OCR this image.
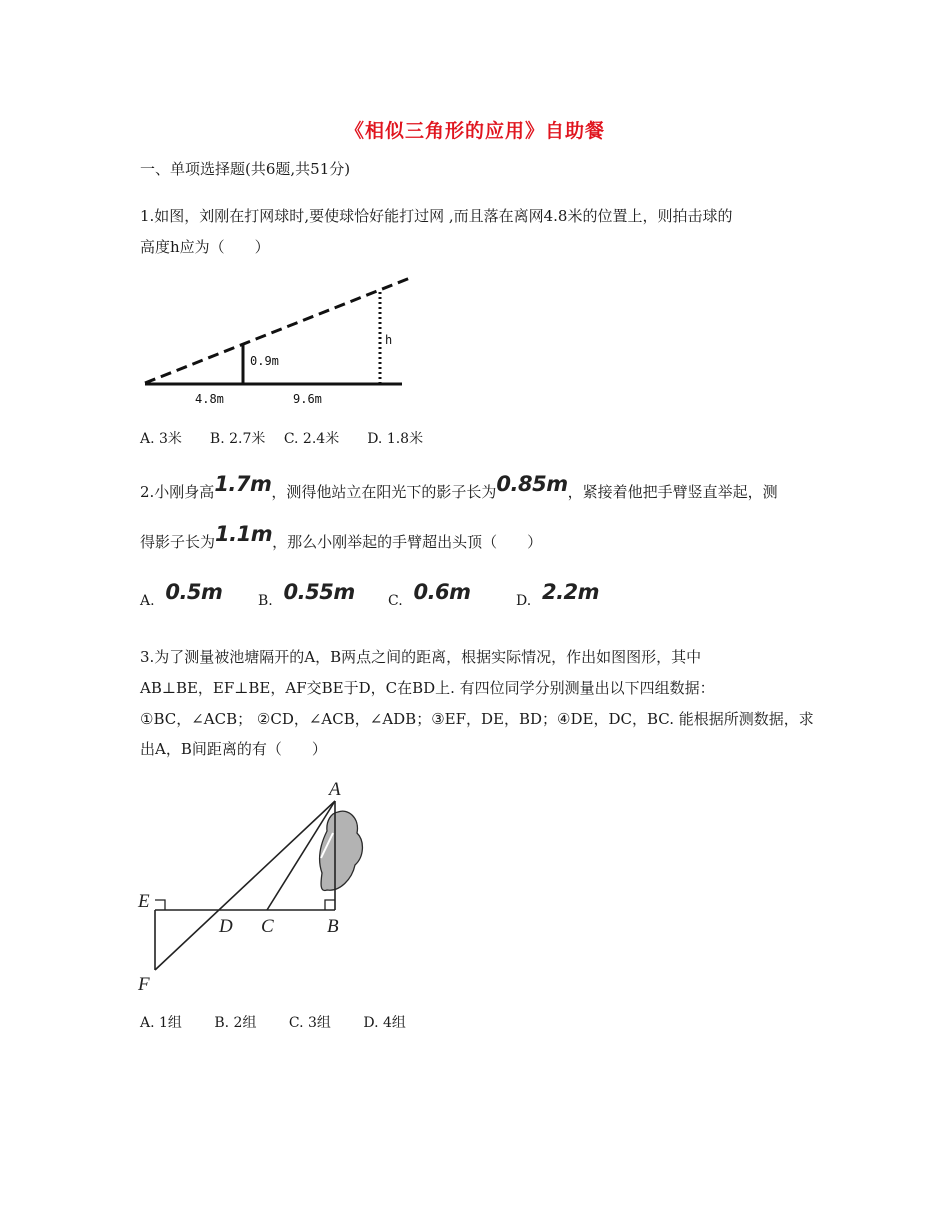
《相似三角形的应用》自助餐
一、单项选择题(共6题,共51分)
1.如图，刘刚在打网球时,要使球恰好能打过网 ,而且落在离网4.8米的位置上，则拍击球的
高度h应为（　　）
0.9m
h
4.8m	9.6m
A. 3米　　B. 2.7米　 C. 2.4米　　D. 1.8米
2.小刚身高1.7m，测得他站立在阳光下的影子长为0.85m，紧接着他把手臂竖直举起，测
得影子长为1.1m，那么小刚举起的手臂超出头顶（　　）
A. 0.5m	B. 0.55m C. 0.6m	D. 2.2m
3.为了测量被池塘隔开的A，B两点之间的距离，根据实际情况，作出如图图形，其中
AB⊥BE，EF⊥BE，AF交BE于D，C在BD上. 有四位同学分别测量出以下四组数据：
①BC，∠ACB； ②CD，∠ACB，∠ADB；③EF，DE，BD；④DE，DC，BC. 能根据所测数据，求
出A，B间距离的有（　　）
A
B
C
D
E
F
A. 1组　　 B. 2组　　 C. 3组　　 D. 4组
